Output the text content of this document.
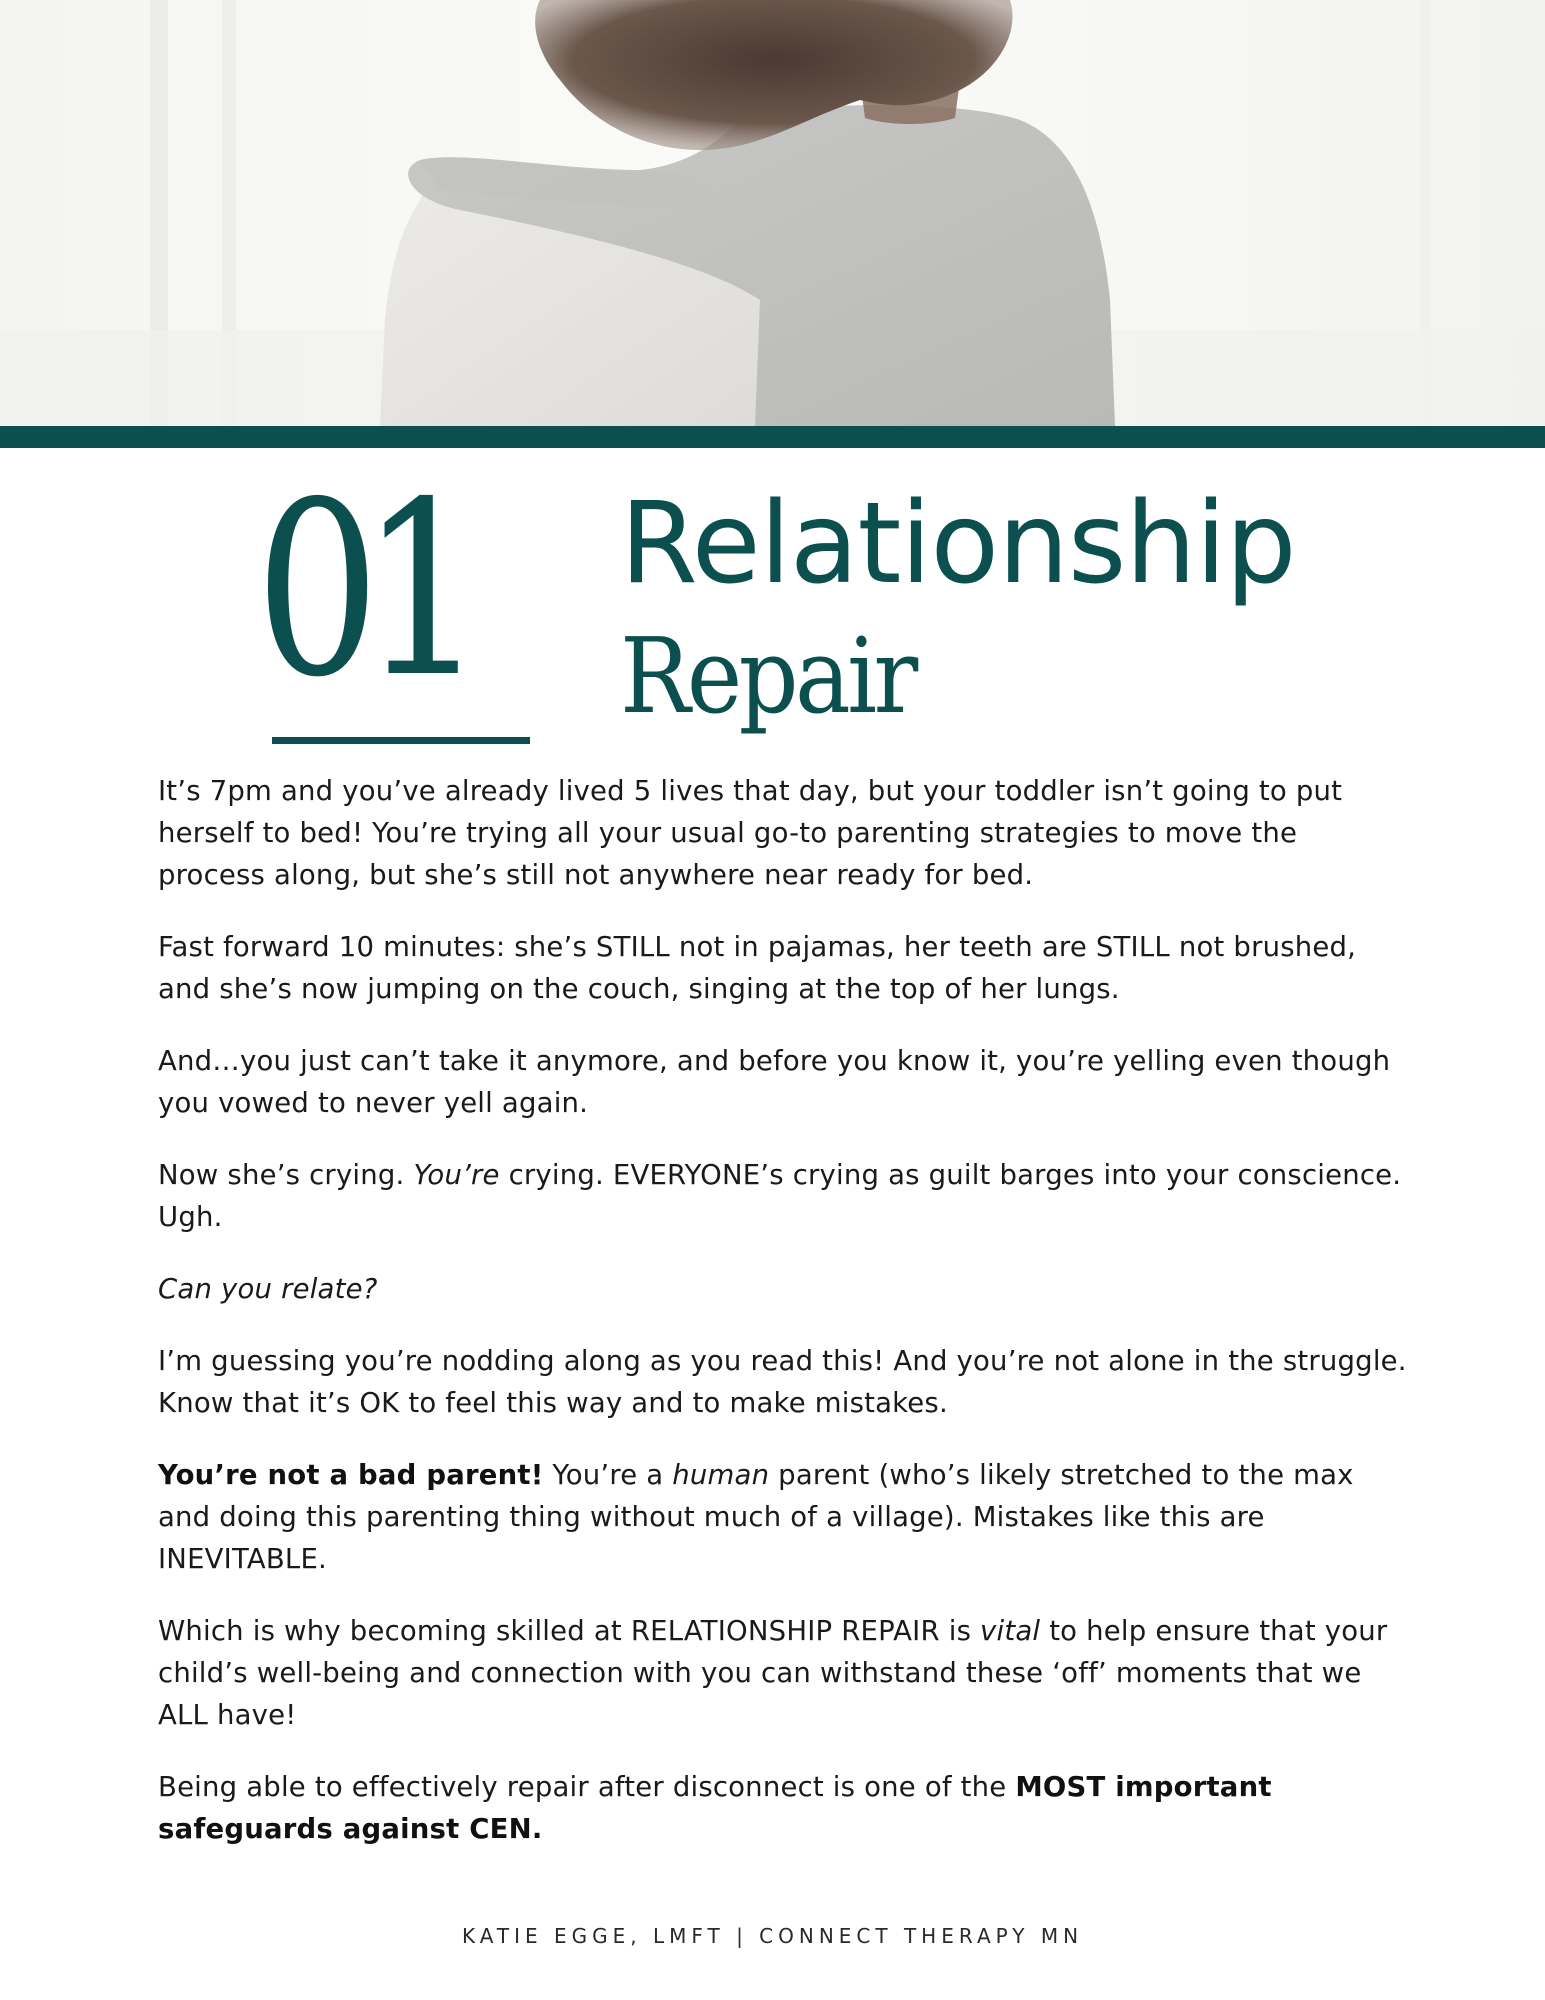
01 Relationship
Repair

It’s 7pm and you’ve already lived 5 lives that day, but your toddler isn’t going to put herself to bed! You’re trying all your usual go-to parenting strategies to move the process along, but she’s still not anywhere near ready for bed.

Fast forward 10 minutes: she’s STILL not in pajamas, her teeth are STILL not brushed, and she’s now jumping on the couch, singing at the top of her lungs.

And…you just can’t take it anymore, and before you know it, you’re yelling even though you vowed to never yell again.

Now she’s crying. You’re crying. EVERYONE’s crying as guilt barges into your conscience. Ugh.

Can you relate?

I’m guessing you’re nodding along as you read this! And you’re not alone in the struggle. Know that it’s OK to feel this way and to make mistakes.

You’re not a bad parent! You’re a human parent (who’s likely stretched to the max and doing this parenting thing without much of a village). Mistakes like this are INEVITABLE.

Which is why becoming skilled at RELATIONSHIP REPAIR is vital to help ensure that your child’s well-being and connection with you can withstand these ‘off’ moments that we ALL have!

Being able to effectively repair after disconnect is one of the MOST important safeguards against CEN.

KATIE EGGE, LMFT | CONNECT THERAPY MN
